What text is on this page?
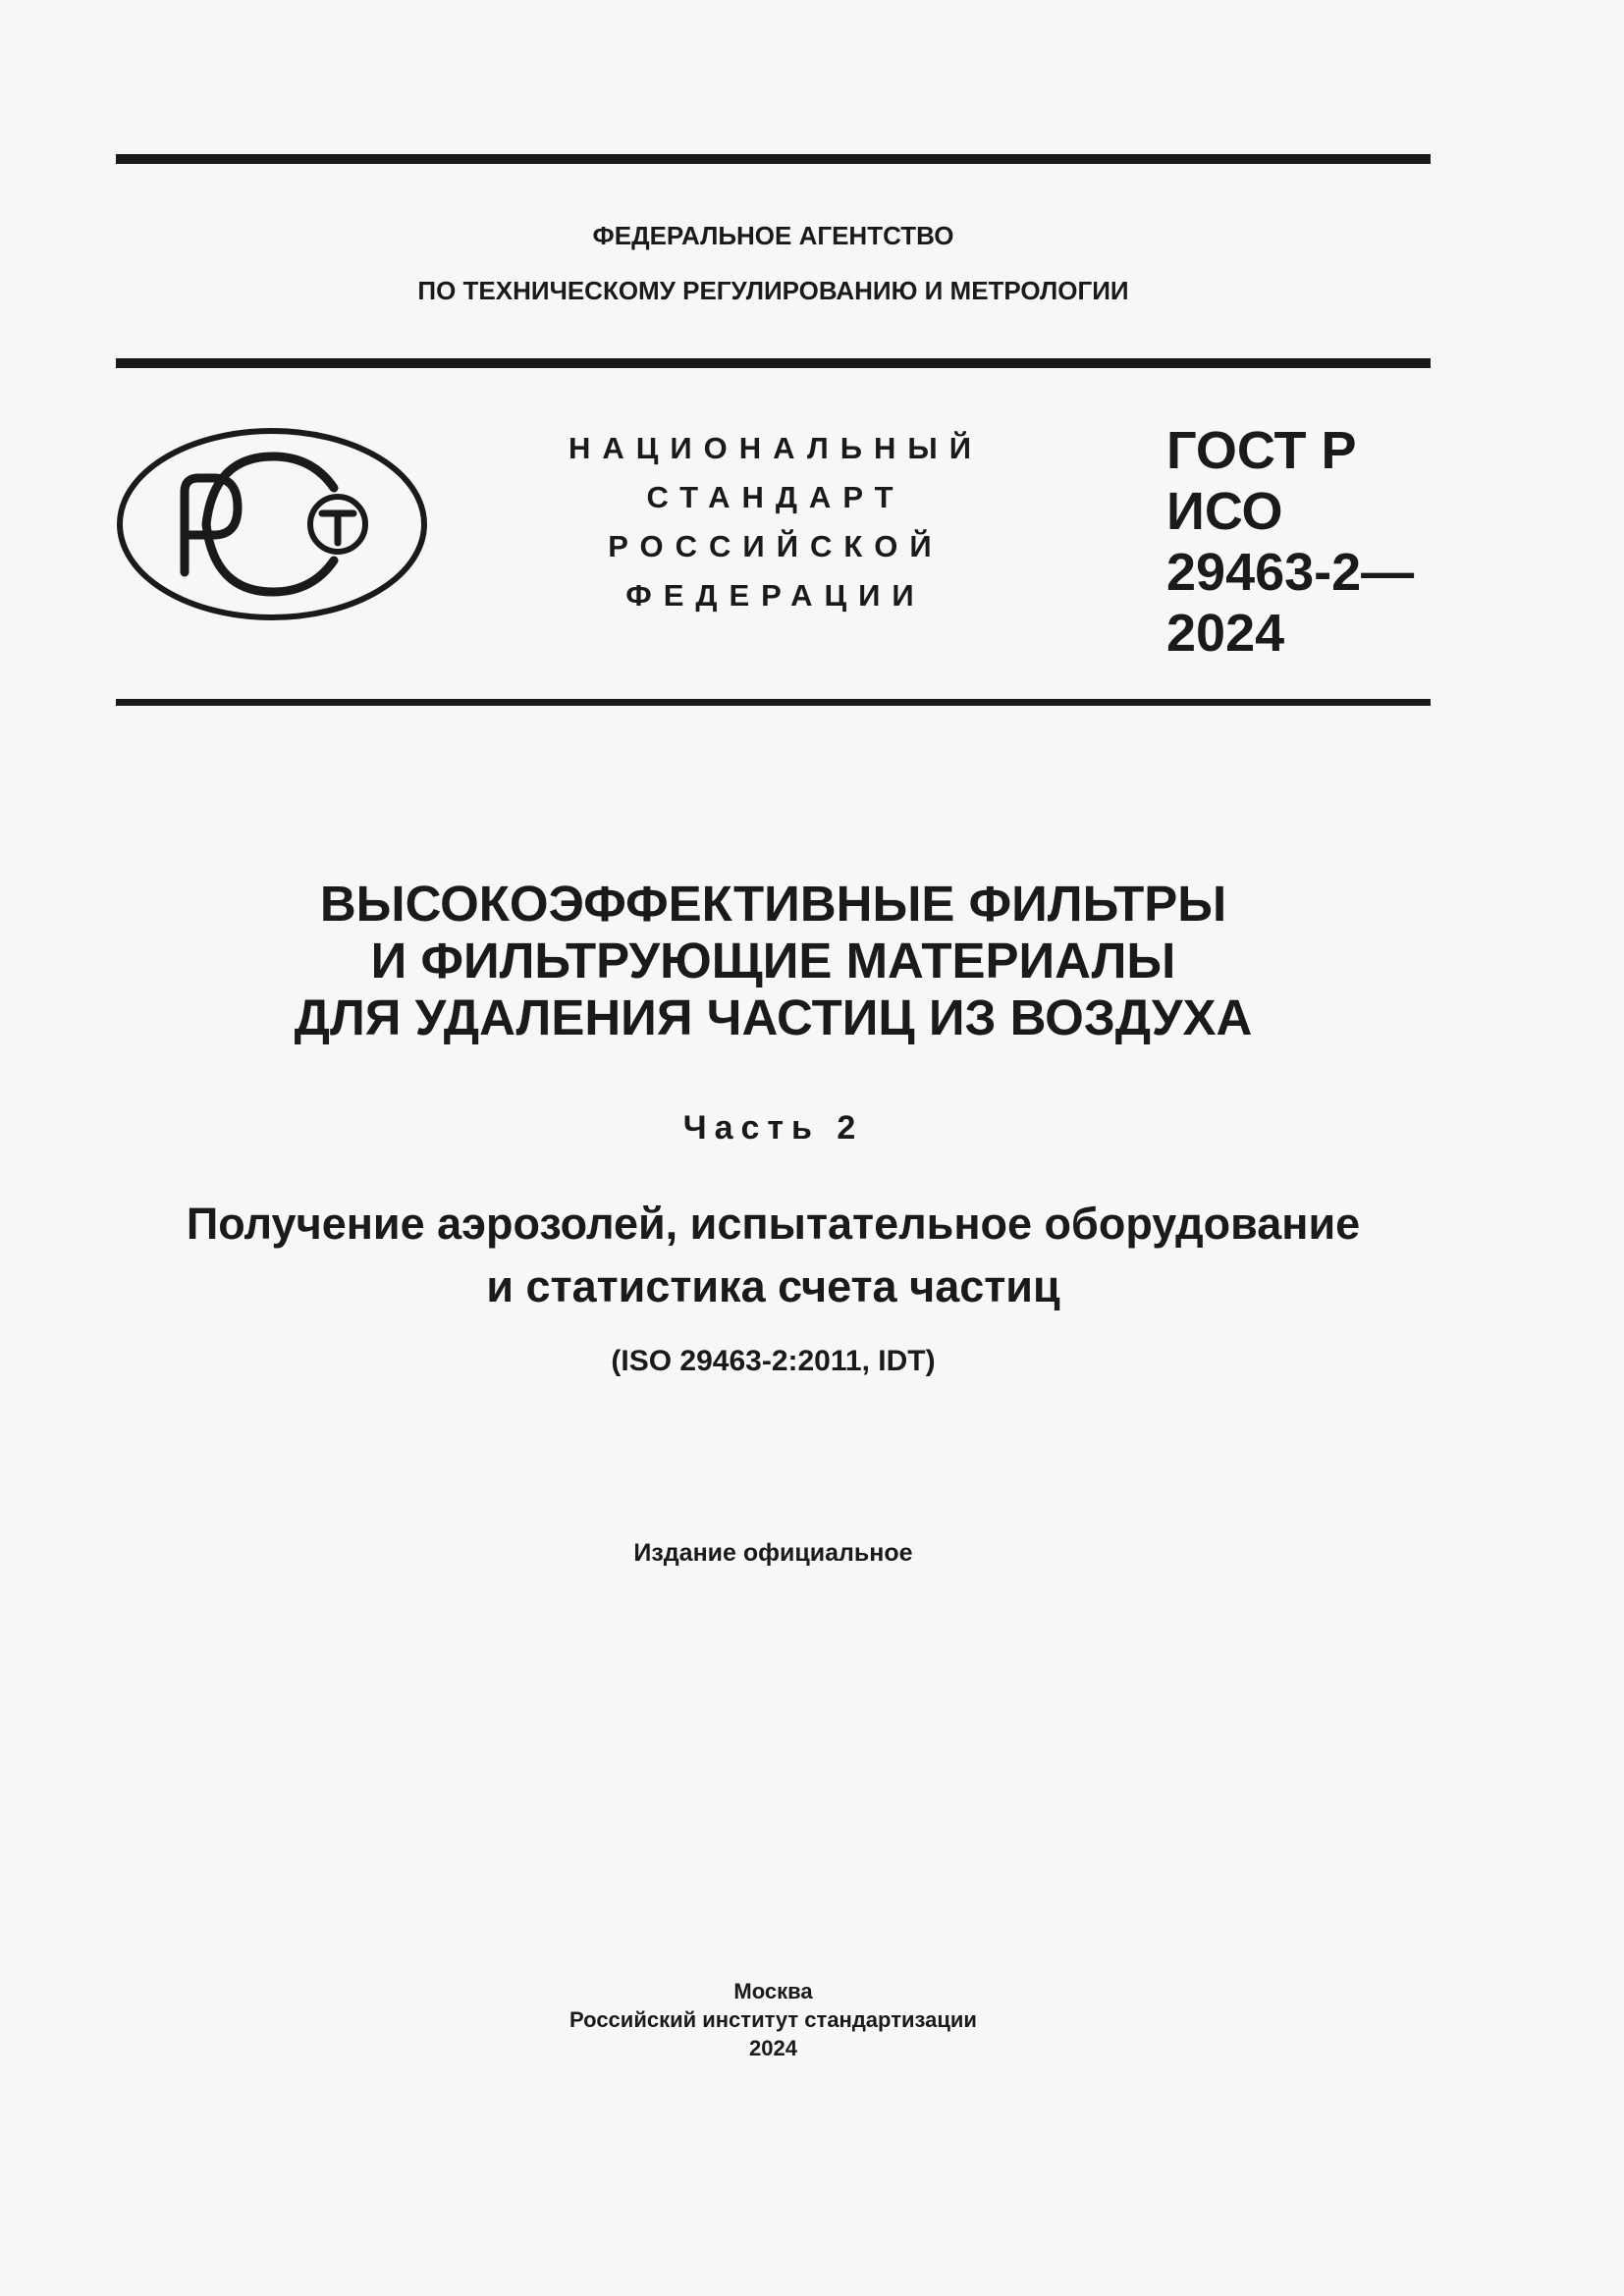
ФЕДЕРАЛЬНОЕ АГЕНТСТВО
ПО ТЕХНИЧЕСКОМУ РЕГУЛИРОВАНИЮ И МЕТРОЛОГИИ
НАЦИОНАЛЬНЫЙ
СТАНДАРТ
РОССИЙСКОЙ
ФЕДЕРАЦИИ
ГОСТ Р
ИСО
29463-2—
2024
ВЫСОКОЭФФЕКТИВНЫЕ ФИЛЬТРЫ
И ФИЛЬТРУЮЩИЕ МАТЕРИАЛЫ
ДЛЯ УДАЛЕНИЯ ЧАСТИЦ ИЗ ВОЗДУХА
Часть 2
Получение аэрозолей, испытательное оборудование
и статистика счета частиц
(ISO 29463-2:2011, IDT)
Издание официальное
Москва
Российский институт стандартизации
2024
